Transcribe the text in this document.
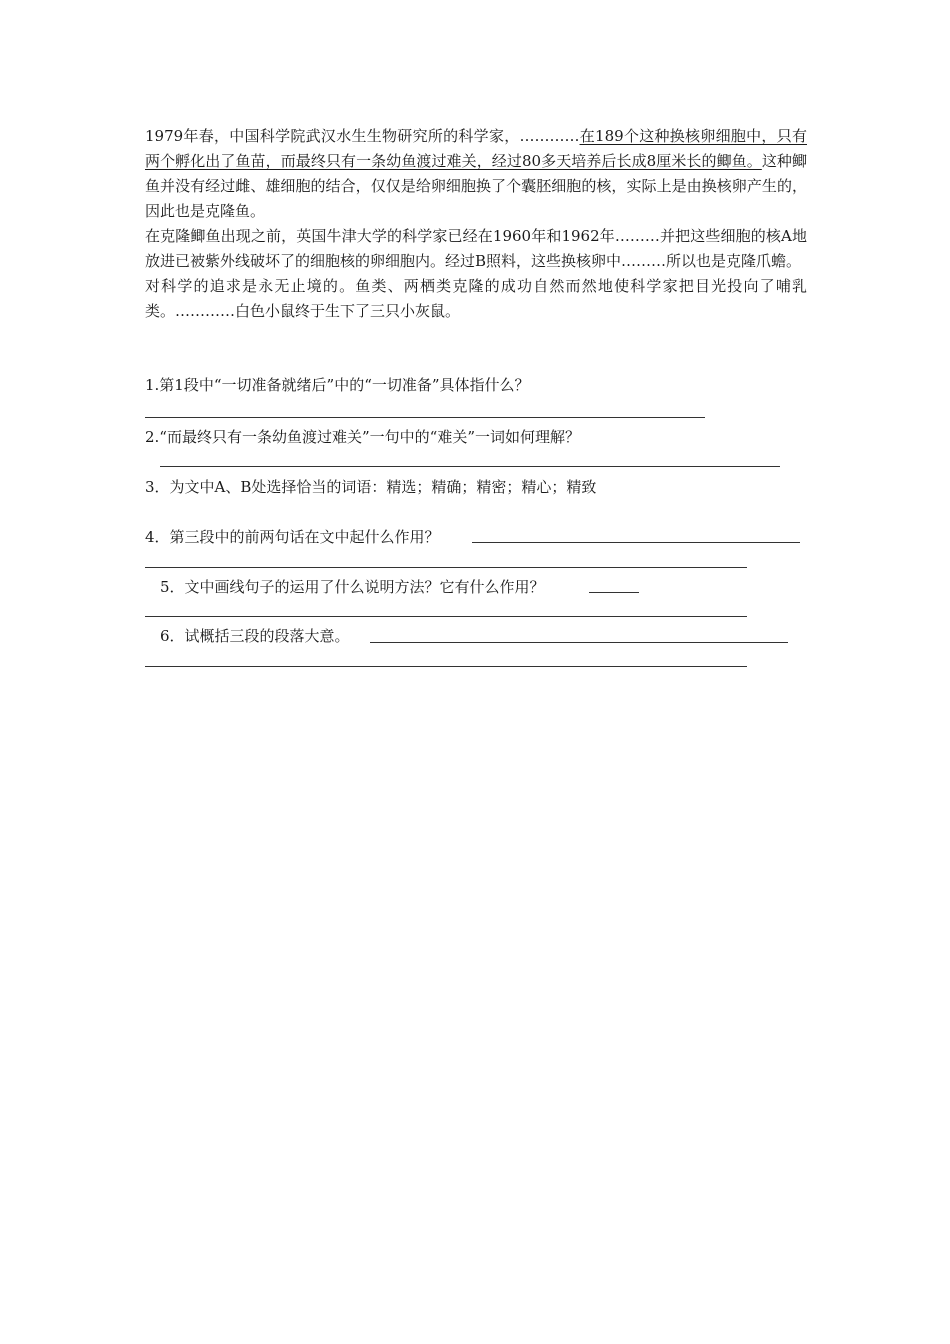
1979年春，中国科学院武汉水生生物研究所的科学家，…………在189个这种换核卵细胞中，只有两个孵化出了鱼苗，而最终只有一条幼鱼渡过难关，经过80多天培养后长成8厘米长的鲫鱼。这种鲫鱼并没有经过雌、雄细胞的结合，仅仅是给卵细胞换了个囊胚细胞的核，实际上是由换核卵产生的，因此也是克隆鱼。

在克隆鲫鱼出现之前，英国牛津大学的科学家已经在1960年和1962年………并把这些细胞的核A地放进已被紫外线破坏了的细胞核的卵细胞内。经过B照料，这些换核卵中………所以也是克隆爪蟾。

对科学的追求是永无止境的。鱼类、两栖类克隆的成功自然而然地使科学家把目光投向了哺乳类。…………白色小鼠终于生下了三只小灰鼠。

1.第1段中“一切准备就绪后”中的“一切准备”具体指什么？
2.“而最终只有一条幼鱼渡过难关”一句中的“难关”一词如何理解？
3．为文中A、B处选择恰当的词语：精选；精确；精密；精心；精致
4．第三段中的前两句话在文中起什么作用？
5．文中画线句子的运用了什么说明方法？它有什么作用？
6．试概括三段的段落大意。
